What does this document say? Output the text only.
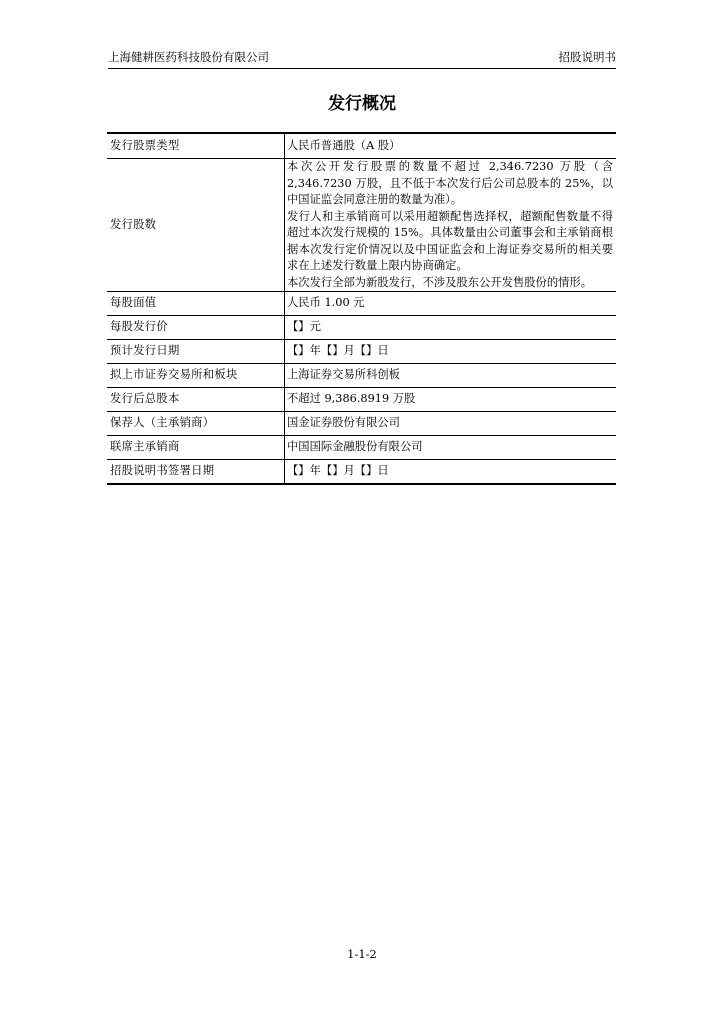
上海健耕医药科技股份有限公司	招股说明书
发行概况
发行股票类型	人民币普通股（A 股）
发行股数	本次公开发行股票的数量不超过 2,346.7230 万股（含 2,346.7230 万股，且不低于本次发行后公司总股本的 25%，以中国证监会同意注册的数量为准）。
发行人和主承销商可以采用超额配售选择权，超额配售数量不得超过本次发行规模的 15%。具体数量由公司董事会和主承销商根据本次发行定价情况以及中国证监会和上海证券交易所的相关要求在上述发行数量上限内协商确定。
本次发行全部为新股发行，不涉及股东公开发售股份的情形。

每股面值	人民币 1.00 元
每股发行价	【】元
预计发行日期	【】年【】月【】日
拟上市证券交易所和板块	上海证券交易所科创板
发行后总股本	不超过 9,386.8919 万股
保荐人（主承销商）	国金证券股份有限公司
联席主承销商	中国国际金融股份有限公司
招股说明书签署日期	【】年【】月【】日
1-1-2
